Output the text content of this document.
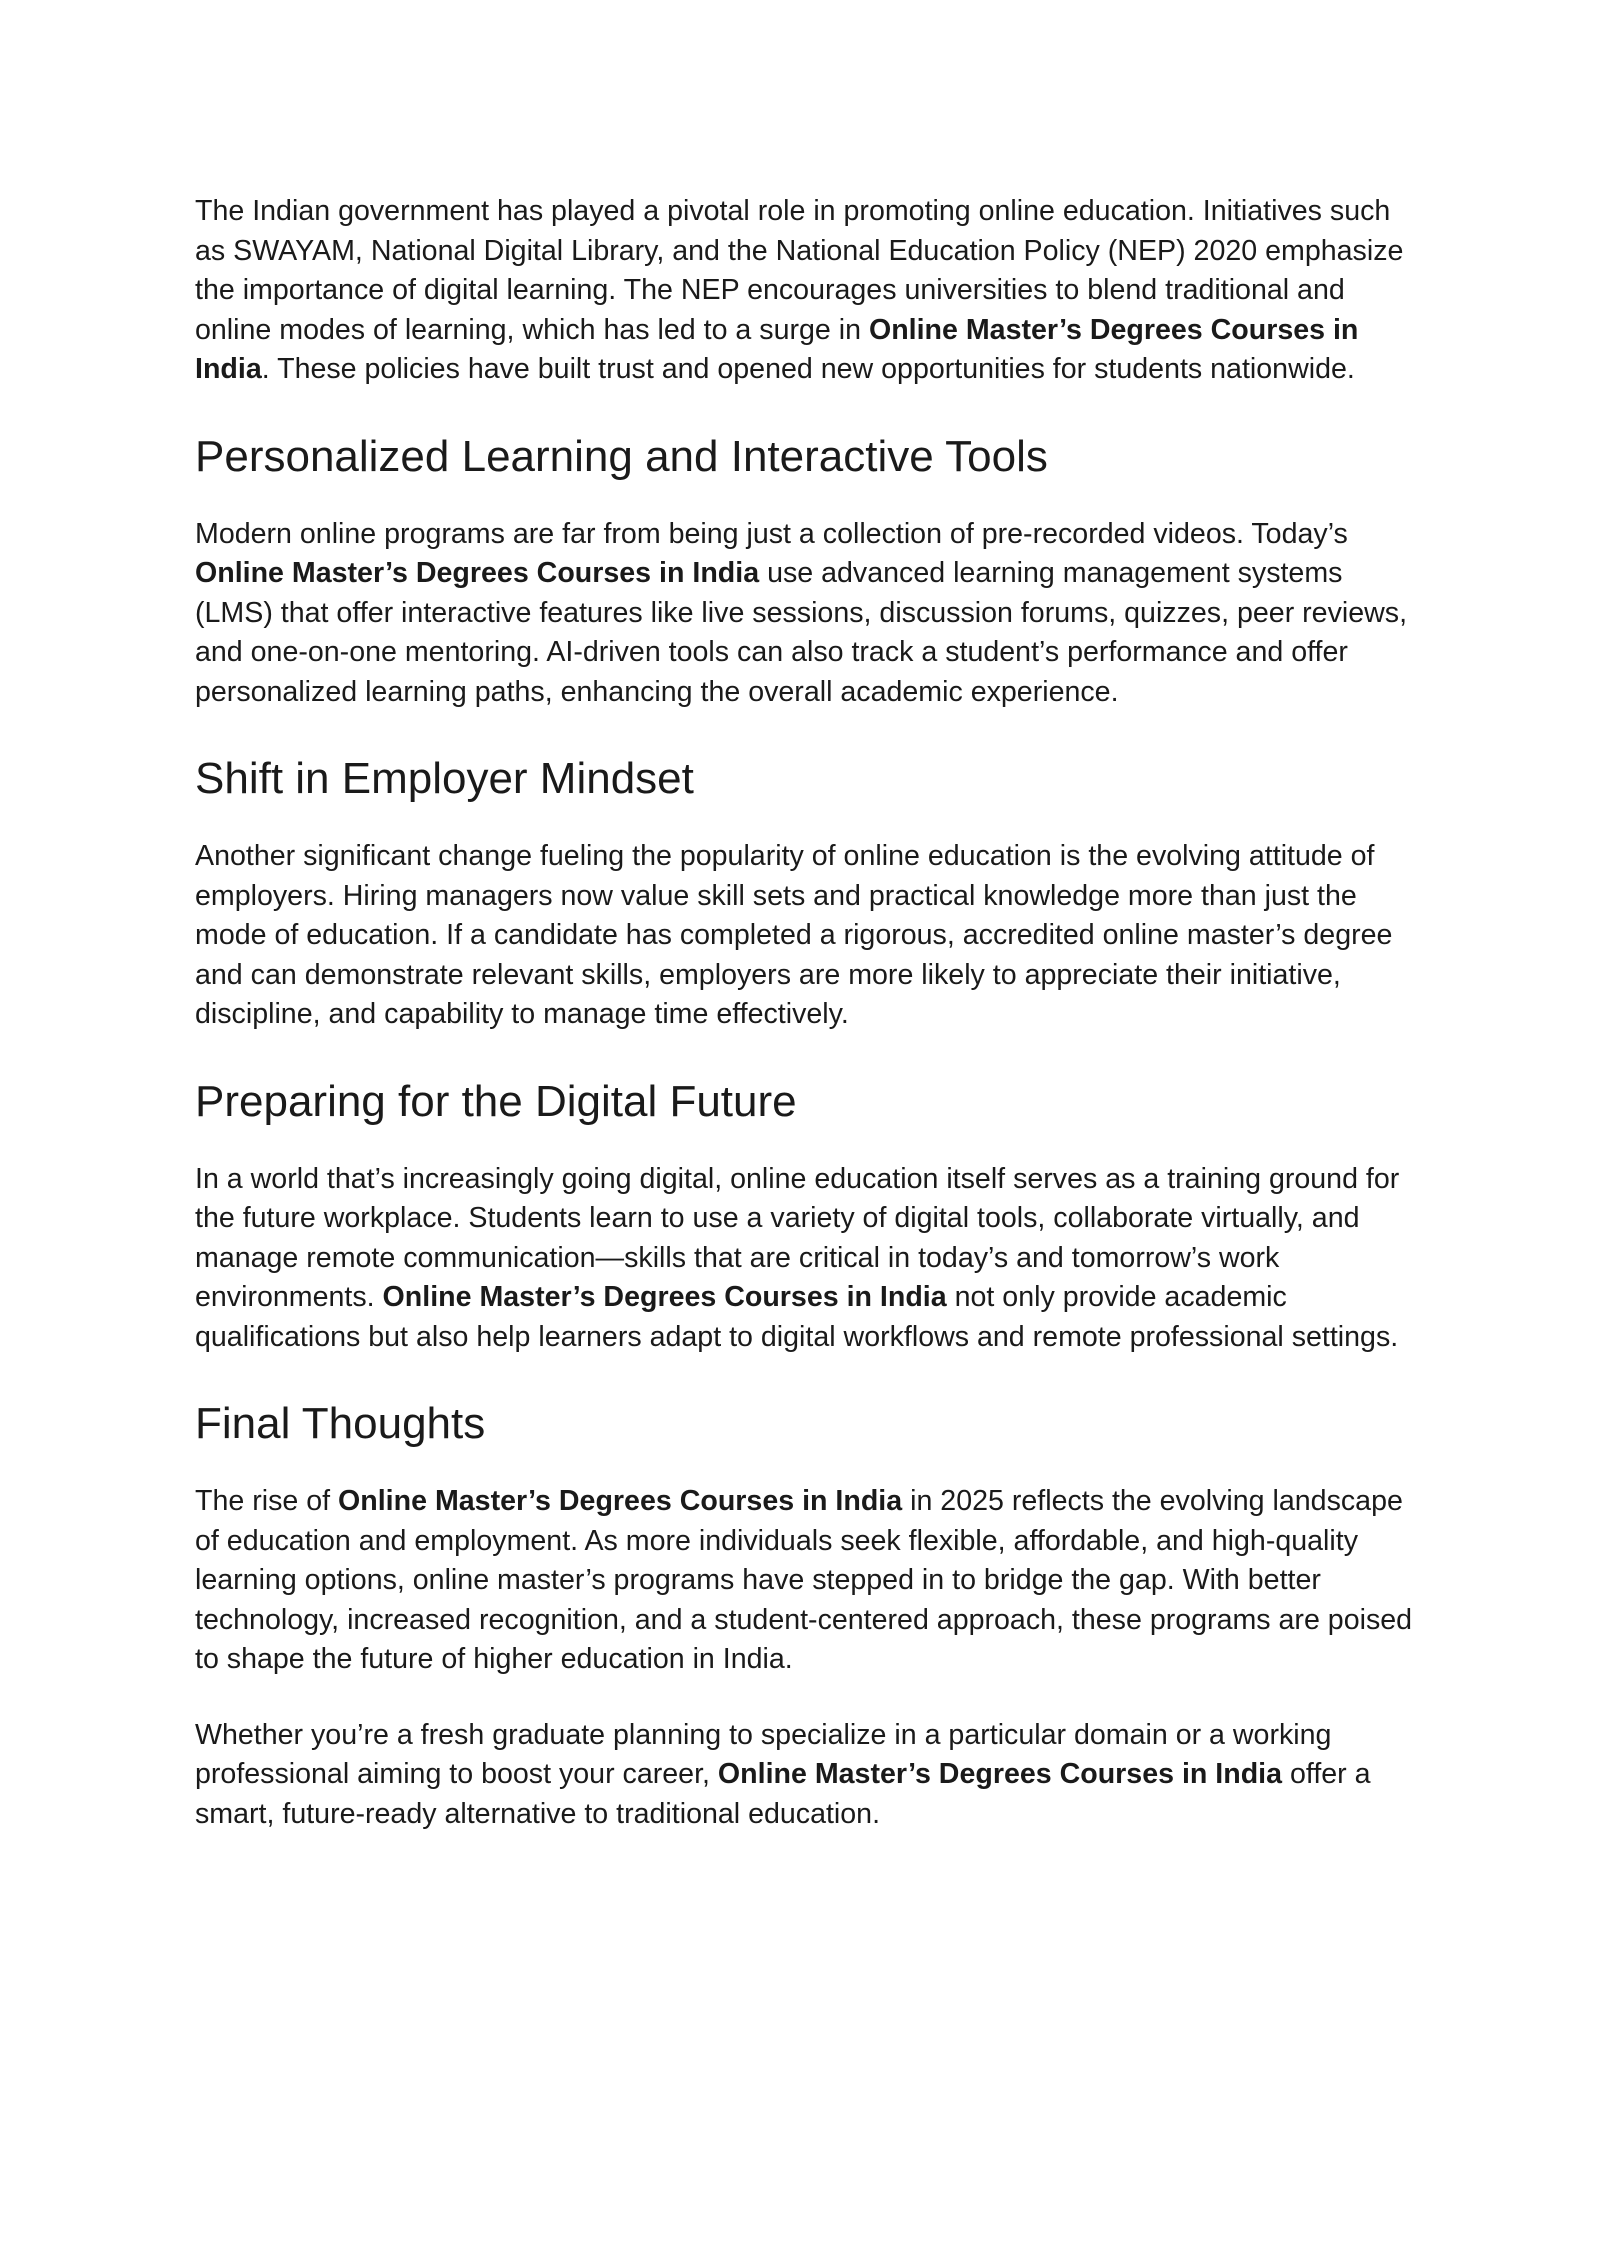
The Indian government has played a pivotal role in promoting online education. Initiatives such as SWAYAM, National Digital Library, and the National Education Policy (NEP) 2020 emphasize the importance of digital learning. The NEP encourages universities to blend traditional and online modes of learning, which has led to a surge in Online Master’s Degrees Courses in India. These policies have built trust and opened new opportunities for students nationwide.

Personalized Learning and Interactive Tools

Modern online programs are far from being just a collection of pre-recorded videos. Today’s Online Master’s Degrees Courses in India use advanced learning management systems (LMS) that offer interactive features like live sessions, discussion forums, quizzes, peer reviews, and one-on-one mentoring. AI-driven tools can also track a student’s performance and offer personalized learning paths, enhancing the overall academic experience.

Shift in Employer Mindset

Another significant change fueling the popularity of online education is the evolving attitude of employers. Hiring managers now value skill sets and practical knowledge more than just the mode of education. If a candidate has completed a rigorous, accredited online master’s degree and can demonstrate relevant skills, employers are more likely to appreciate their initiative, discipline, and capability to manage time effectively.

Preparing for the Digital Future

In a world that’s increasingly going digital, online education itself serves as a training ground for the future workplace. Students learn to use a variety of digital tools, collaborate virtually, and manage remote communication—skills that are critical in today’s and tomorrow’s work environments. Online Master’s Degrees Courses in India not only provide academic qualifications but also help learners adapt to digital workflows and remote professional settings.

Final Thoughts

The rise of Online Master’s Degrees Courses in India in 2025 reflects the evolving landscape of education and employment. As more individuals seek flexible, affordable, and high-quality learning options, online master’s programs have stepped in to bridge the gap. With better technology, increased recognition, and a student-centered approach, these programs are poised to shape the future of higher education in India.

Whether you’re a fresh graduate planning to specialize in a particular domain or a working professional aiming to boost your career, Online Master’s Degrees Courses in India offer a smart, future-ready alternative to traditional education.
